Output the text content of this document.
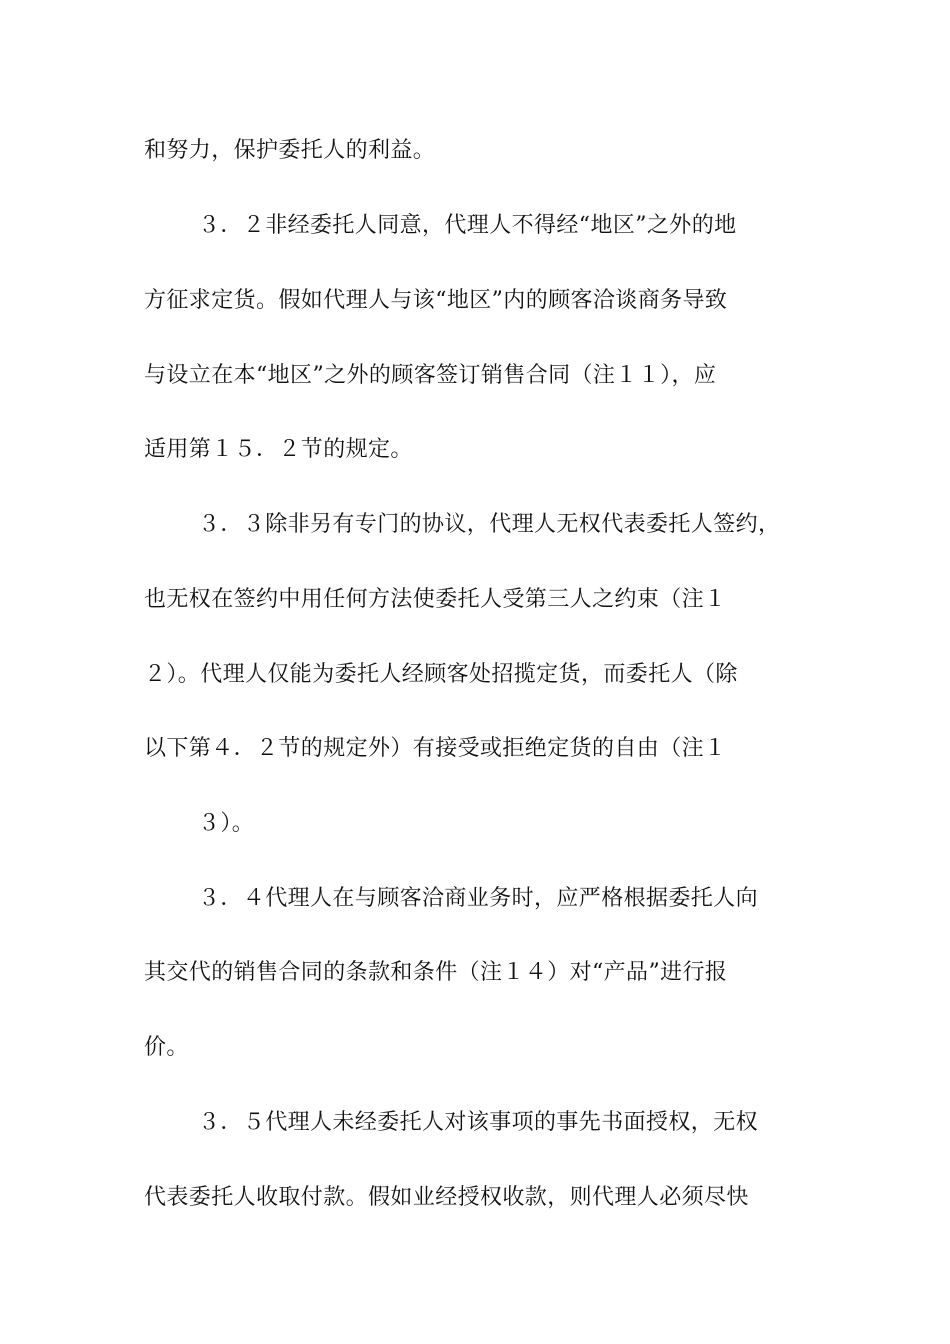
和努力，保护委托人的利益。
３．２非经委托人同意，代理人不得经“地区”之外的地
方征求定货。假如代理人与该“地区”内的顾客洽谈商务导致
与设立在本“地区”之外的顾客签订销售合同（注１１），应
适用第１５．２节的规定。
３．３除非另有专门的协议，代理人无权代表委托人签约，
也无权在签约中用任何方法使委托人受第三人之约束（注１
２）。代理人仅能为委托人经顾客处招揽定货，而委托人（除
以下第４．２节的规定外）有接受或拒绝定货的自由（注１
３）。
３．４代理人在与顾客洽商业务时，应严格根据委托人向
其交代的销售合同的条款和条件（注１４）对“产品”进行报
价。
３．５代理人未经委托人对该事项的事先书面授权，无权
代表委托人收取付款。假如业经授权收款，则代理人必须尽快
